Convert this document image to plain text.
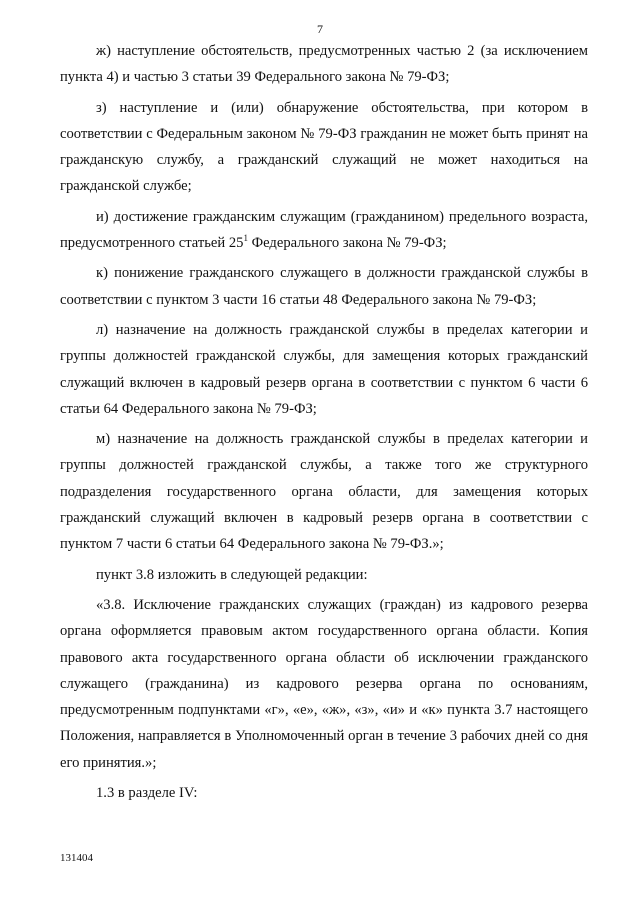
7

ж) наступление обстоятельств, предусмотренных частью 2 (за исключением пункта 4) и частью 3 статьи 39 Федерального закона № 79-ФЗ;

з) наступление и (или) обнаружение обстоятельства, при котором в соответствии с Федеральным законом № 79-ФЗ гражданин не может быть принят на гражданскую службу, а гражданский служащий не может находиться на гражданской службе;

и) достижение гражданским служащим (гражданином) предельного возраста, предусмотренного статьей $25^1$ Федерального закона № 79-ФЗ;

к) понижение гражданского служащего в должности гражданской службы в соответствии с пунктом 3 части 16 статьи 48 Федерального закона № 79-ФЗ;

л) назначение на должность гражданской службы в пределах категории и группы должностей гражданской службы, для замещения которых гражданский служащий включен в кадровый резерв органа в соответствии с пунктом 6 части 6 статьи 64 Федерального закона № 79-ФЗ;

м) назначение на должность гражданской службы в пределах категории и группы должностей гражданской службы, а также того же структурного подразделения государственного органа области, для замещения которых гражданский служащий включен в кадровый резерв органа в соответствии с пунктом 7 части 6 статьи 64 Федерального закона № 79-ФЗ.»;

пункт 3.8 изложить в следующей редакции:

«3.8. Исключение гражданских служащих (граждан) из кадрового резерва органа оформляется правовым актом государственного органа области. Копия правового акта государственного органа области об исключении гражданского служащего (гражданина) из кадрового резерва органа по основаниям, предусмотренным подпунктами «г», «е», «ж», «з», «и» и «к» пункта 3.7 настоящего Положения, направляется в Уполномоченный орган в течение 3 рабочих дней со дня его принятия.»;

1.3 в разделе IV:

131404
